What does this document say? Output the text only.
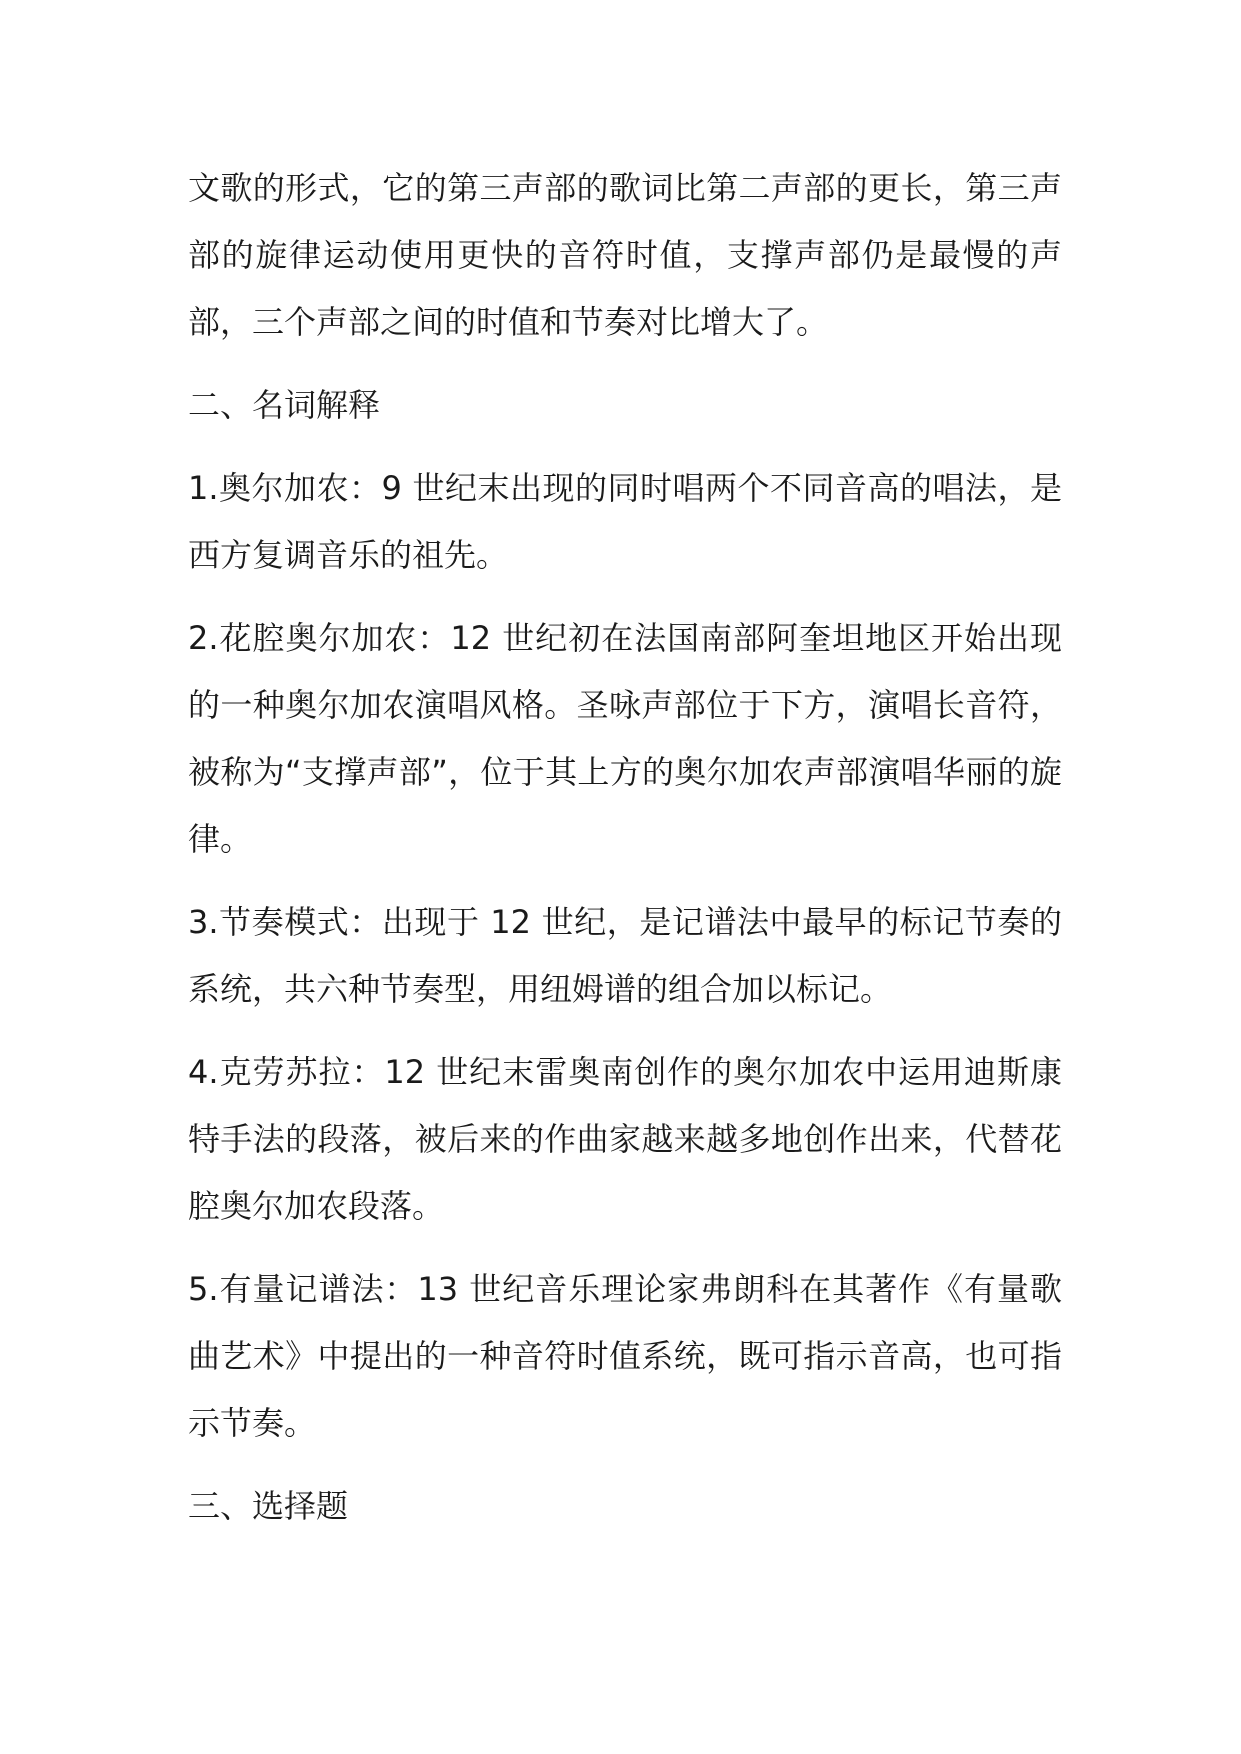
文歌的形式，它的第三声部的歌词比第二声部的更长，第三声部的旋律运动使用更快的音符时值，支撑声部仍是最慢的声部，三个声部之间的时值和节奏对比增大了。

二、名词解释

1.奥尔加农：9 世纪末出现的同时唱两个不同音高的唱法，是西方复调音乐的祖先。

2.花腔奥尔加农：12 世纪初在法国南部阿奎坦地区开始出现的一种奥尔加农演唱风格。圣咏声部位于下方，演唱长音符，被称为“支撑声部”，位于其上方的奥尔加农声部演唱华丽的旋律。

3.节奏模式：出现于 12 世纪，是记谱法中最早的标记节奏的系统，共六种节奏型，用纽姆谱的组合加以标记。

4.克劳苏拉：12 世纪末雷奥南创作的奥尔加农中运用迪斯康特手法的段落，被后来的作曲家越来越多地创作出来，代替花腔奥尔加农段落。

5.有量记谱法：13 世纪音乐理论家弗朗科在其著作《有量歌曲艺术》中提出的一种音符时值系统，既可指示音高，也可指示节奏。

三、选择题
